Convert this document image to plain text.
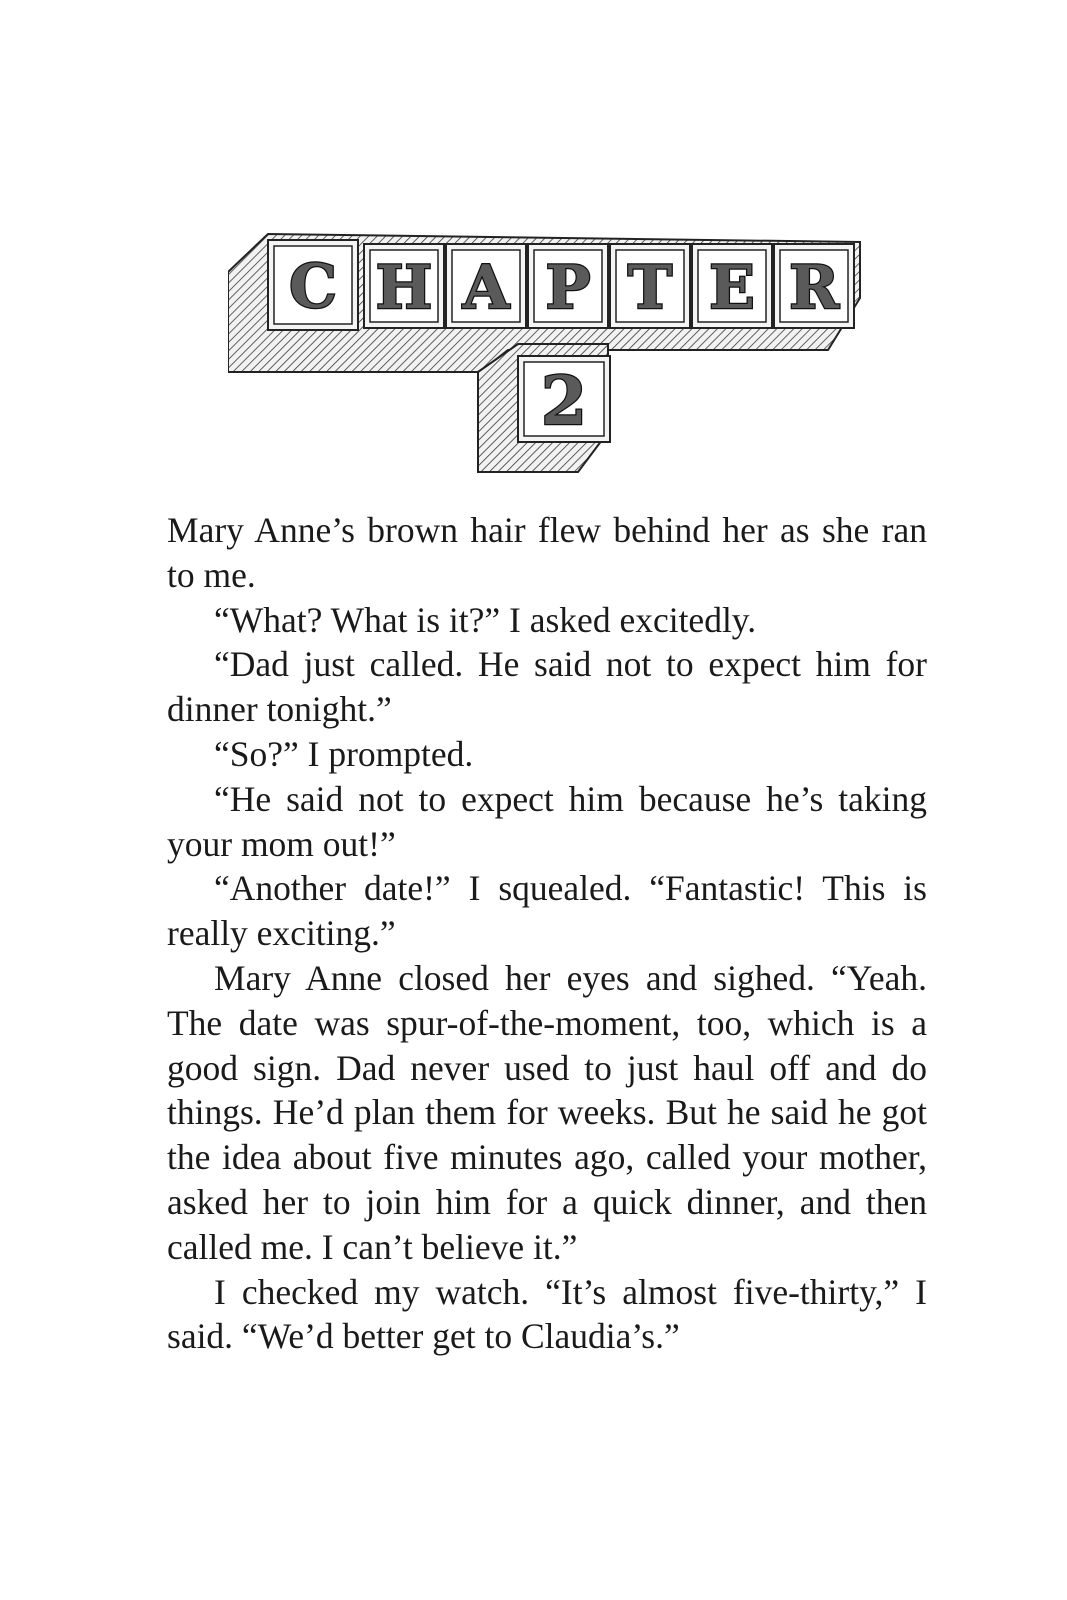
C H A P T E R
2

Mary Anne’s brown hair flew behind her as she ran to me.

“What? What is it?” I asked excitedly.

“Dad just called. He said not to expect him for dinner tonight.”

“So?” I prompted.

“He said not to expect him because he’s taking your mom out!”

“Another date!” I squealed. “Fantastic! This is really exciting.”

Mary Anne closed her eyes and sighed. “Yeah. The date was spur-of-the-moment, too, which is a good sign. Dad never used to just haul off and do things. He’d plan them for weeks. But he said he got the idea about five minutes ago, called your mother, asked her to join him for a quick dinner, and then called me. I can’t believe it.”

I checked my watch. “It’s almost five-thirty,” I said. “We’d better get to Claudia’s.”
